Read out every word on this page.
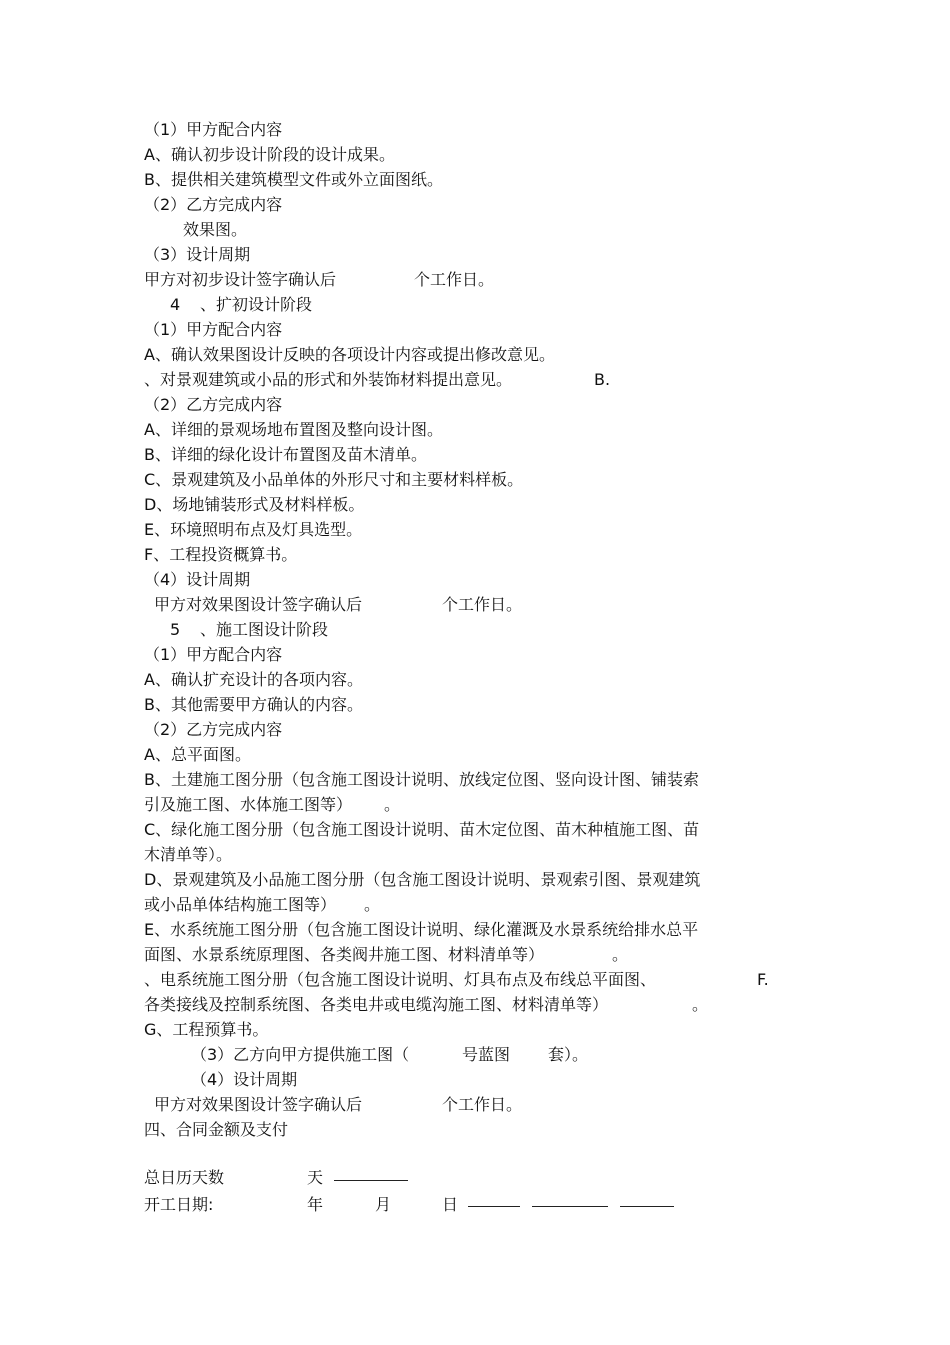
（1）甲方配合内容
A、确认初步设计阶段的设计成果。
B、提供相关建筑模型文件或外立面图纸。
（2）乙方完成内容
效果图。
（3）设计周期
甲方对初步设计签字确认后	个工作日。
4 、扩初设计阶段
（1）甲方配合内容
A、确认效果图设计反映的各项设计内容或提出修改意见。
、对景观建筑或小品的形式和外装饰材料提出意见。	B.
（2）乙方完成内容
A、详细的景观场地布置图及整向设计图。
B、详细的绿化设计布置图及苗木清单。
C、景观建筑及小品单体的外形尺寸和主要材料样板。
D、场地铺装形式及材料样板。
E、环境照明布点及灯具选型。
F、工程投资概算书。
（4）设计周期
甲方对效果图设计签字确认后	个工作日。
5 、施工图设计阶段
（1）甲方配合内容
A、确认扩充设计的各项内容。
B、其他需要甲方确认的内容。
（2）乙方完成内容
A、总平面图。
B、土建施工图分册（包含施工图设计说明、放线定位图、竖向设计图、铺装索
引及施工图、水体施工图等） 。
C、绿化施工图分册（包含施工图设计说明、苗木定位图、苗木种植施工图、苗
木清单等）。
D、景观建筑及小品施工图分册（包含施工图设计说明、景观索引图、景观建筑
或小品单体结构施工图等） 。
E、水系统施工图分册（包含施工图设计说明、绿化灌溉及水景系统给排水总平
面图、水景系统原理图、各类阀井施工图、材料清单等）	。
、电系统施工图分册（包含施工图设计说明、灯具布点及布线总平面图、	F.
各类接线及控制系统图、各类电井或电缆沟施工图、材料清单等）	。
G、工程预算书。
（3）乙方向甲方提供施工图（	号蓝图 套）。
（4）设计周期
甲方对效果图设计签字确认后	个工作日。
四、合同金额及支付
总日历天数	天
开工日期:	年	月	日
